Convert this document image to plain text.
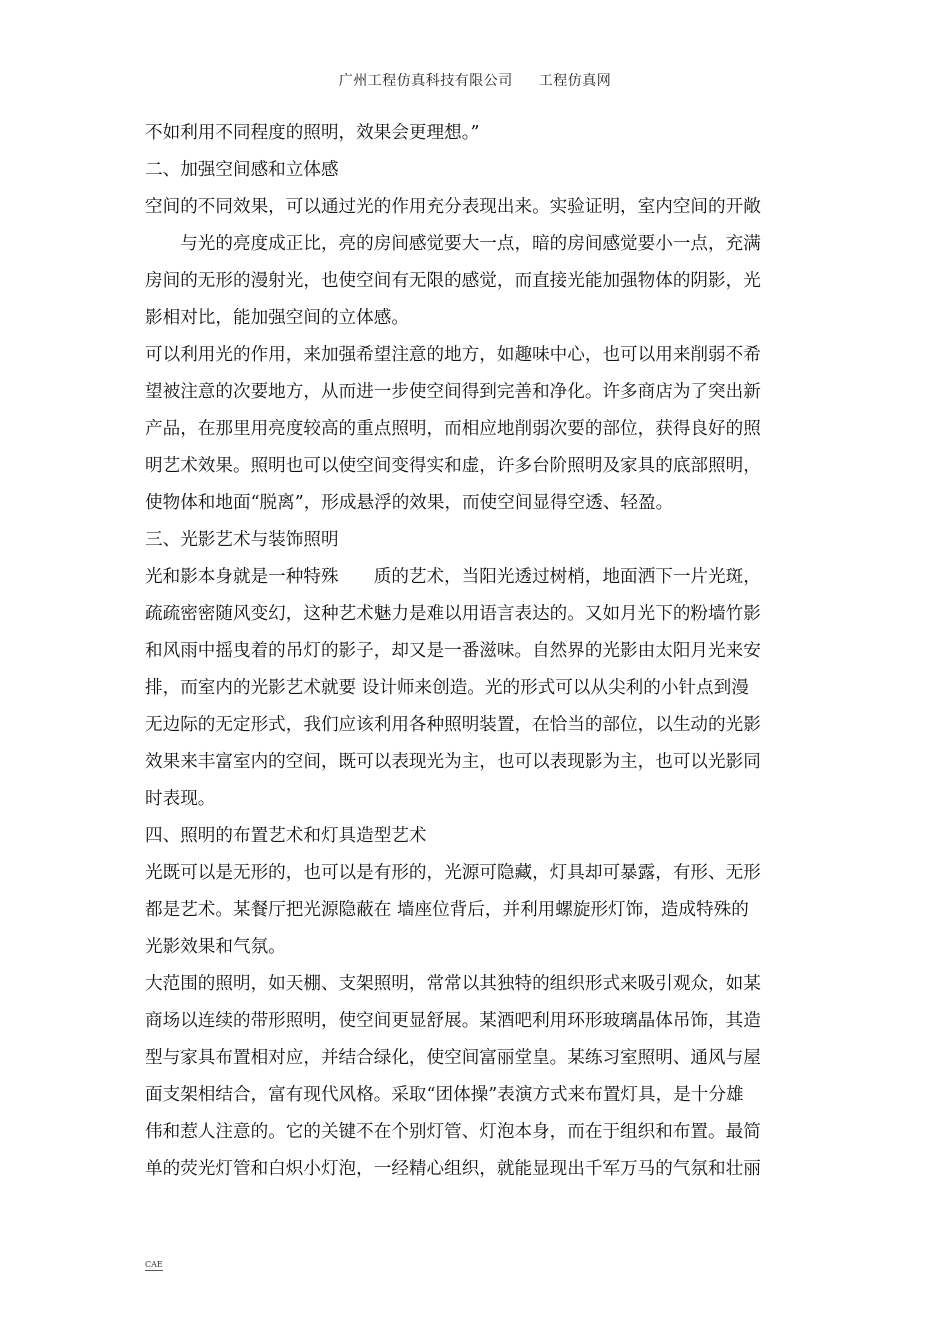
广州工程仿真科技有限公司 工程仿真网
不如利用不同程度的照明，效果会更理想。”
二、加强空间感和立体感
空间的不同效果，可以通过光的作用充分表现出来。实验证明，室内空间的开敞
　　与光的亮度成正比，亮的房间感觉要大一点，暗的房间感觉要小一点，充满
房间的无形的漫射光，也使空间有无限的感觉，而直接光能加强物体的阴影，光
影相对比，能加强空间的立体感。
可以利用光的作用，来加强希望注意的地方，如趣味中心，也可以用来削弱不希
望被注意的次要地方，从而进一步使空间得到完善和净化。许多商店为了突出新
产品，在那里用亮度较高的重点照明，而相应地削弱次要的部位，获得良好的照
明艺术效果。照明也可以使空间变得实和虚，许多台阶照明及家具的底部照明，
使物体和地面“脱离”，形成悬浮的效果，而使空间显得空透、轻盈。
三、光影艺术与装饰照明
光和影本身就是一种特殊　　质的艺术，当阳光透过树梢，地面洒下一片光斑，
疏疏密密随风变幻，这种艺术魅力是难以用语言表达的。又如月光下的粉墙竹影
和风雨中摇曳着的吊灯的影子，却又是一番滋味。自然界的光影由太阳月光来安
排，而室内的光影艺术就要 设计师来创造。光的形式可以从尖利的小针点到漫
无边际的无定形式，我们应该利用各种照明装置，在恰当的部位，以生动的光影
效果来丰富室内的空间，既可以表现光为主，也可以表现影为主，也可以光影同
时表现。
四、照明的布置艺术和灯具造型艺术
光既可以是无形的，也可以是有形的，光源可隐藏，灯具却可暴露，有形、无形
都是艺术。某餐厅把光源隐蔽在 墙座位背后，并利用螺旋形灯饰，造成特殊的
光影效果和气氛。
大范围的照明，如天棚、支架照明，常常以其独特的组织形式来吸引观众，如某
商场以连续的带形照明，使空间更显舒展。某酒吧利用环形玻璃晶体吊饰，其造
型与家具布置相对应，并结合绿化，使空间富丽堂皇。某练习室照明、通风与屋
面支架相结合，富有现代风格。采取“团体操”表演方式来布置灯具，是十分雄
伟和惹人注意的。它的关键不在个别灯管、灯泡本身，而在于组织和布置。最简
单的荧光灯管和白炽小灯泡，一经精心组织，就能显现出千军万马的气氛和壮丽
CAE
